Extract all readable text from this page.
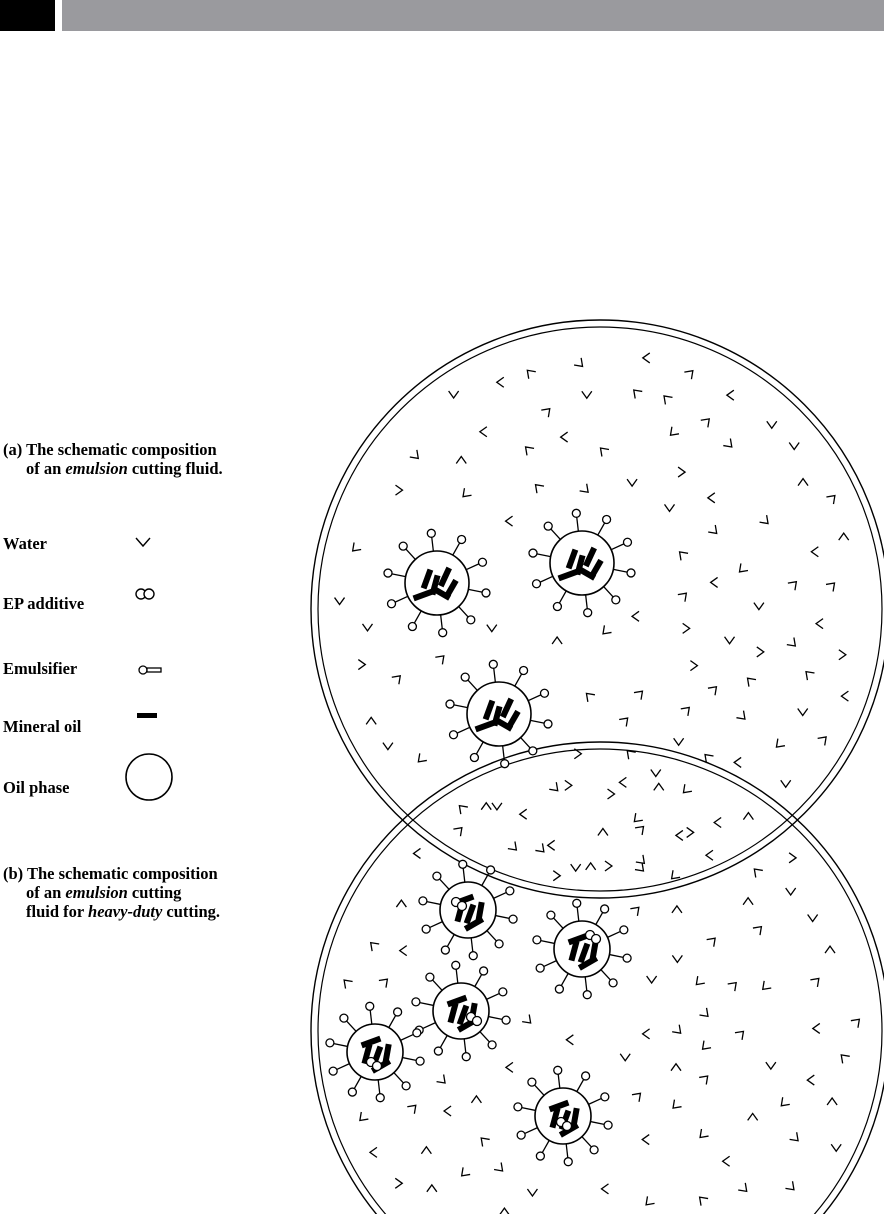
(a) The schematic composition
of an emulsion cutting fluid.
Water
EP additive
Emulsifier
Mineral oil
Oil phase
(b) The schematic composition
of an emulsion cutting
fluid for heavy-duty cutting.
